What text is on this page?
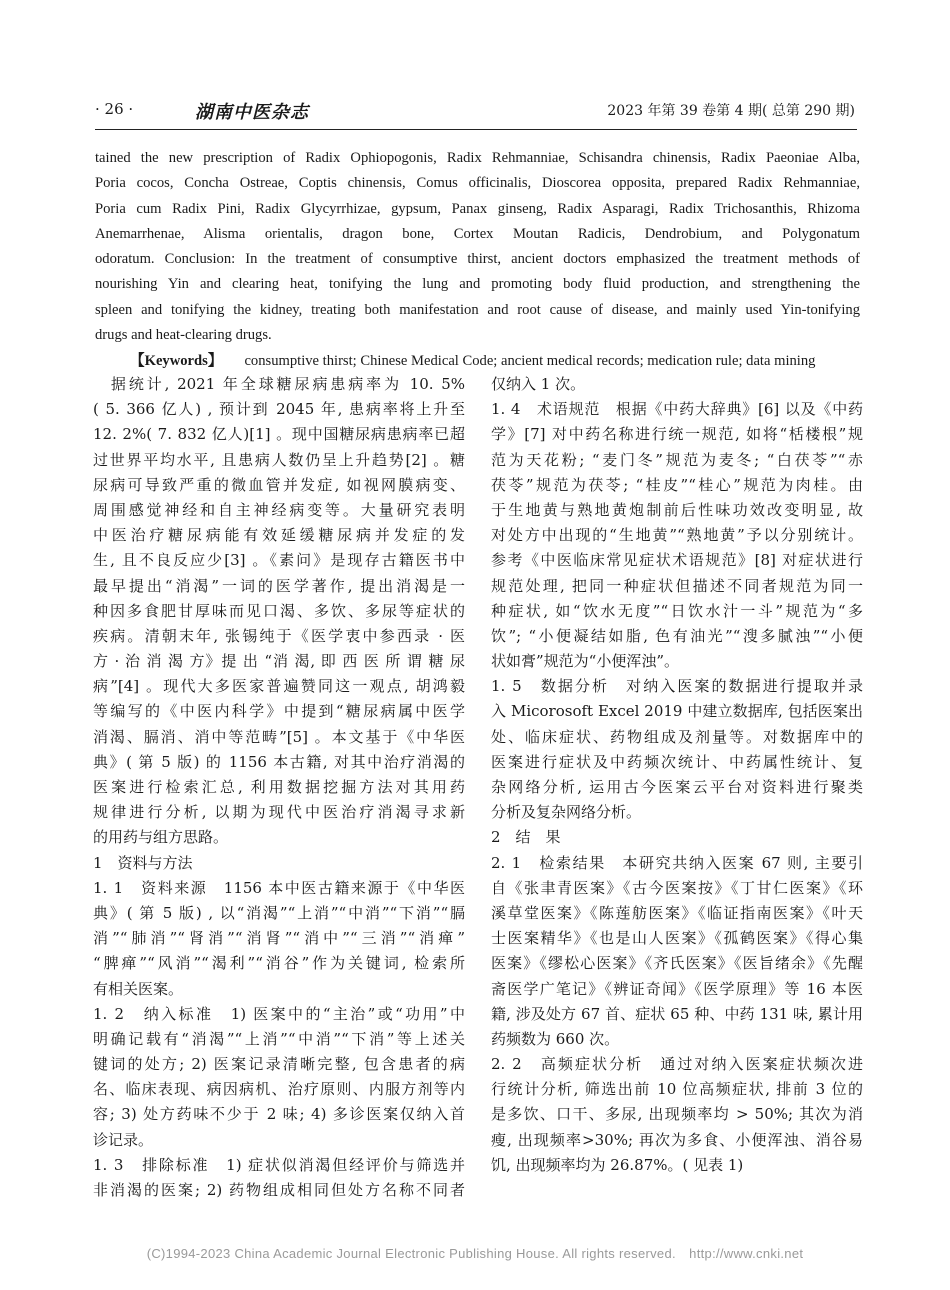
· 26 ·	湖南中医杂志	2023 年第 39 卷第 4 期( 总第 290 期)
tained the new prescription of Radix Ophiopogonis, Radix Rehmanniae, Schisandra chinensis, Radix Paeoniae Alba,
Poria cocos, Concha Ostreae, Coptis chinensis, Comus officinalis, Dioscorea opposita, prepared Radix Rehmanniae,
Poria cum Radix Pini, Radix Glycyrrhizae, gypsum, Panax ginseng, Radix Asparagi, Radix Trichosanthis, Rhizoma
Anemarrhenae, Alisma orientalis, dragon bone, Cortex Moutan Radicis, Dendrobium, and Polygonatum
odoratum. Conclusion: In the treatment of consumptive thirst, ancient doctors emphasized the treatment methods of
nourishing Yin and clearing heat, tonifying the lung and promoting body fluid production, and strengthening the
spleen and tonifying the kidney, treating both manifestation and root cause of disease, and mainly used Yin-tonifying
drugs and heat-clearing drugs.
【Keywords】 consumptive thirst; Chinese Medical Code; ancient medical records; medication rule; data mining
　据统计, 2021 年全球糖尿病患病率为 10. 5%
( 5. 366 亿人) , 预计到 2045 年, 患病率将上升至
12. 2%( 7. 832 亿人)[1] 。现中国糖尿病患病率已超
过世界平均水平, 且患病人数仍呈上升趋势[2] 。糖
尿病可导致严重的微血管并发症, 如视网膜病变、
周围感觉神经和自主神经病变等。大量研究表明
中医治疗糖尿病能有效延缓糖尿病并发症的发
生, 且不良反应少[3] 。《素问》是现存古籍医书中
最早提出“消渴”一词的医学著作, 提出消渴是一
种因多食肥甘厚味而见口渴、多饮、多尿等症状的
疾病。清朝末年, 张锡纯于《医学衷中参西录 · 医
方 · 治 消 渴 方》提 出 “消 渴, 即 西 医 所 谓 糖 尿
病”[4] 。现代大多医家普遍赞同这一观点, 胡鸿毅
等编写的《中医内科学》中提到“糖尿病属中医学
消渴、膈消、消中等范畴”[5] 。本文基于《中华医
典》( 第 5 版) 的 1156 本古籍, 对其中治疗消渴的
医案进行检索汇总, 利用数据挖掘方法对其用药
规律进行分析, 以期为现代中医治疗消渴寻求新
的用药与组方思路。
1　资料与方法
1. 1　资料来源　1156 本中医古籍来源于《中华医
典》( 第 5 版) , 以“消渴”“上消”“中消”“下消”“膈
消”“肺消”“肾消”“消肾”“消中”“三消”“消瘅”
“脾瘅”“风消”“渴利”“消谷”作为关键词, 检索所
有相关医案。
1. 2　纳入标准　1) 医案中的“主治”或“功用”中
明确记载有“消渴”“上消”“中消”“下消”等上述关
键词的处方; 2) 医案记录清晰完整, 包含患者的病
名、临床表现、病因病机、治疗原则、内服方剂等内
容; 3) 处方药味不少于 2 味; 4) 多诊医案仅纳入首
诊记录。
1. 3　排除标准　1) 症状似消渴但经评价与筛选并
非消渴的医案; 2) 药物组成相同但处方名称不同者
仅纳入 1 次。
1. 4　术语规范　根据《中药大辞典》[6] 以及《中药
学》[7] 对中药名称进行统一规范, 如将“栝楼根”规
范为天花粉; “麦门冬”规范为麦冬; “白茯苓”“赤
茯苓”规范为茯苓; “桂皮”“桂心”规范为肉桂。由
于生地黄与熟地黄炮制前后性味功效改变明显, 故
对处方中出现的“生地黄”“熟地黄”予以分别统计。
参考《中医临床常见症状术语规范》[8] 对症状进行
规范处理, 把同一种症状但描述不同者规范为同一
种症状, 如“饮水无度”“日饮水汁一斗”规范为“多
饮”; “小便凝结如脂, 色有油光”“溲多腻浊”“小便
状如膏”规范为“小便浑浊”。
1. 5　数据分析　对纳入医案的数据进行提取并录
入 Micorosoft Excel 2019 中建立数据库, 包括医案出
处、临床症状、药物组成及剂量等。对数据库中的
医案进行症状及中药频次统计、中药属性统计、复
杂网络分析, 运用古今医案云平台对资料进行聚类
分析及复杂网络分析。
2　结　果
2. 1　检索结果　本研究共纳入医案 67 则, 主要引
自《张聿青医案》《古今医案按》《丁甘仁医案》《环
溪草堂医案》《陈莲舫医案》《临证指南医案》《叶天
士医案精华》《也是山人医案》《孤鹤医案》《得心集
医案》《缪松心医案》《齐氏医案》《医旨绪余》《先醒
斋医学广笔记》《辨证奇闻》《医学原理》等 16 本医
籍, 涉及处方 67 首、症状 65 种、中药 131 味, 累计用
药频数为 660 次。
2. 2　高频症状分析　通过对纳入医案症状频次进
行统计分析, 筛选出前 10 位高频症状, 排前 3 位的
是多饮、口干、多尿, 出现频率均 > 50%; 其次为消
瘦, 出现频率>30%; 再次为多食、小便浑浊、消谷易
饥, 出现频率均为 26.87%。( 见表 1)
(C)1994-2023 China Academic Journal Electronic Publishing House. All rights reserved.　http://www.cnki.net
